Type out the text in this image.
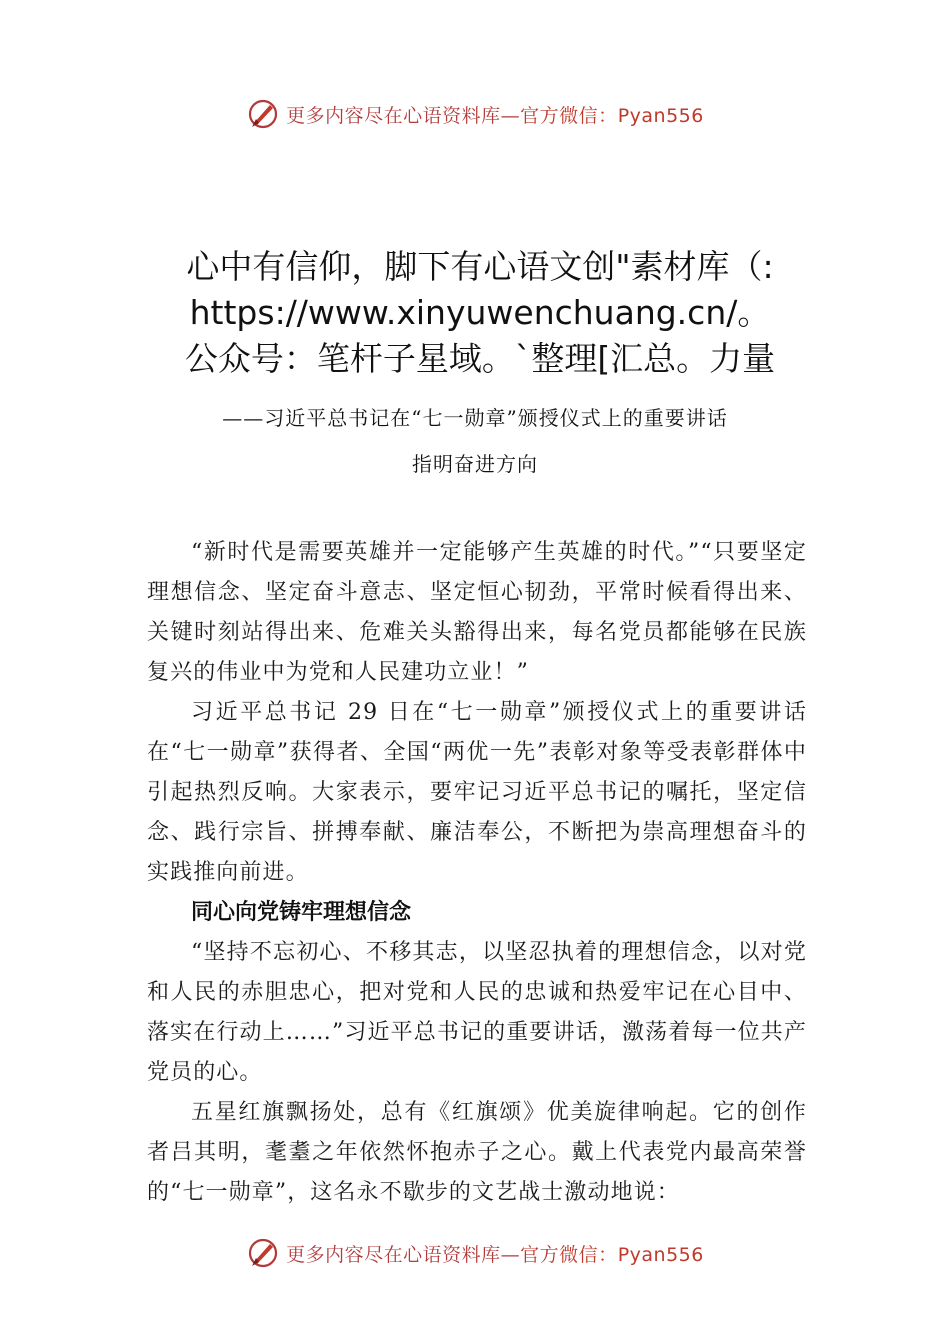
更多内容尽在心语资料库—官方微信：Pyan556
心中有信仰，脚下有心语文创"素材库（:
https://www.xinyuwenchuang.cn/。
公众号：笔杆子星域。`整理[汇总。力量
——习近平总书记在“七一勋章”颁授仪式上的重要讲话
指明奋进方向

“新时代是需要英雄并一定能够产生英雄的时代。”“只要坚定理想信念、坚定奋斗意志、坚定恒心韧劲，平常时候看得出来、关键时刻站得出来、危难关头豁得出来，每名党员都能够在民族复兴的伟业中为党和人民建功立业！”

习近平总书记 29 日在“七一勋章”颁授仪式上的重要讲话在“七一勋章”获得者、全国“两优一先”表彰对象等受表彰群体中引起热烈反响。大家表示，要牢记习近平总书记的嘱托，坚定信念、践行宗旨、拼搏奉献、廉洁奉公，不断把为崇高理想奋斗的实践推向前进。

同心向党铸牢理想信念

“坚持不忘初心、不移其志，以坚忍执着的理想信念，以对党和人民的赤胆忠心，把对党和人民的忠诚和热爱牢记在心目中、落实在行动上……”习近平总书记的重要讲话，激荡着每一位共产党员的心。

五星红旗飘扬处，总有《红旗颂》优美旋律响起。它的创作者吕其明，耄耋之年依然怀抱赤子之心。戴上代表党内最高荣誉的“七一勋章”，这名永不歇步的文艺战士激动地说：

更多内容尽在心语资料库—官方微信：Pyan556
